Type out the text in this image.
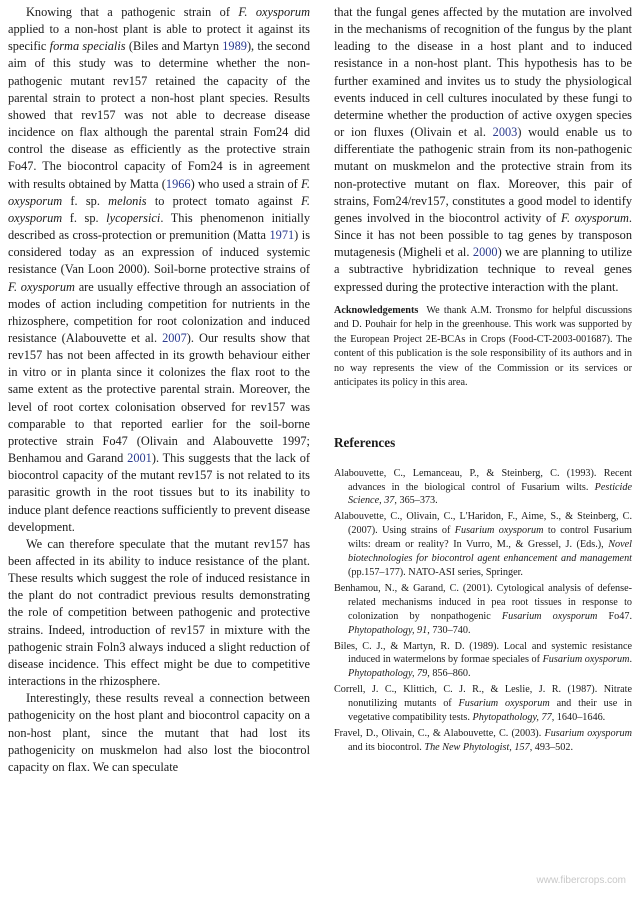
Knowing that a pathogenic strain of F. oxysporum applied to a non-host plant is able to protect it against its specific forma specialis (Biles and Martyn 1989), the second aim of this study was to determine whether the non-pathogenic mutant rev157 retained the capacity of the parental strain to protect a non-host plant species. Results showed that rev157 was not able to decrease disease incidence on flax although the parental strain Fom24 did control the disease as efficiently as the protective strain Fo47. The biocontrol capacity of Fom24 is in agreement with results obtained by Matta (1966) who used a strain of F. oxysporum f. sp. melonis to protect tomato against F. oxysporum f. sp. lycopersici. This phenomenon initially described as cross-protection or premunition (Matta 1971) is considered today as an expression of induced systemic resistance (Van Loon 2000). Soil-borne protective strains of F. oxysporum are usually effective through an association of modes of action including competition for nutrients in the rhizosphere, competition for root colonization and induced resistance (Alabouvette et al. 2007). Our results show that rev157 has not been affected in its growth behaviour either in vitro or in planta since it colonizes the flax root to the same extent as the protective parental strain. Moreover, the level of root cortex colonisation observed for rev157 was comparable to that reported earlier for the soil-borne protective strain Fo47 (Olivain and Alabouvette 1997; Benhamou and Garand 2001). This suggests that the lack of biocontrol capacity of the mutant rev157 is not related to its parasitic growth in the root tissues but to its inability to induce plant defence reactions sufficiently to prevent disease development.

We can therefore speculate that the mutant rev157 has been affected in its ability to induce resistance of the plant. These results which suggest the role of induced resistance in the plant do not contradict previous results demonstrating the role of competition between pathogenic and protective strains. Indeed, introduction of rev157 in mixture with the pathogenic strain Foln3 always induced a slight reduction of disease incidence. This effect might be due to competitive interactions in the rhizosphere.

Interestingly, these results reveal a connection between pathogenicity on the host plant and biocontrol capacity on a non-host plant, since the mutant that had lost its pathogenicity on muskmelon had also lost the biocontrol capacity on flax. We can speculate

that the fungal genes affected by the mutation are involved in the mechanisms of recognition of the fungus by the plant leading to the disease in a host plant and to induced resistance in a non-host plant. This hypothesis has to be further examined and invites us to study the physiological events induced in cell cultures inoculated by these fungi to determine whether the production of active oxygen species or ion fluxes (Olivain et al. 2003) would enable us to differentiate the pathogenic strain from its non-pathogenic mutant on muskmelon and the protective strain from its non-protective mutant on flax. Moreover, this pair of strains, Fom24/rev157, constitutes a good model to identify genes involved in the biocontrol activity of F. oxysporum. Since it has not been possible to tag genes by transposon mutagenesis (Migheli et al. 2000) we are planning to utilize a subtractive hybridization technique to reveal genes expressed during the protective interaction with the plant.

Acknowledgements We thank A.M. Tronsmo for helpful discussions and D. Pouhair for help in the greenhouse. This work was supported by the European Project 2E-BCAs in Crops (Food-CT-2003-001687). The content of this publication is the sole responsibility of its authors and in no way represents the view of the Commission or its services or anticipates its policy in this area.
References

Alabouvette, C., Lemanceau, P., & Steinberg, C. (1993). Recent advances in the biological control of Fusarium wilts. Pesticide Science, 37, 365–373.

Alabouvette, C., Olivain, C., L'Haridon, F., Aime, S., & Steinberg, C. (2007). Using strains of Fusarium oxysporum to control Fusarium wilts: dream or reality? In Vurro, M., & Gressel, J. (Eds.), Novel biotechnologies for biocontrol agent enhancement and management (pp.157–177). NATO-ASI series, Springer.

Benhamou, N., & Garand, C. (2001). Cytological analysis of defense-related mechanisms induced in pea root tissues in response to colonization by nonpathogenic Fusarium oxysporum Fo47. Phytopathology, 91, 730–740.

Biles, C. J., & Martyn, R. D. (1989). Local and systemic resistance induced in watermelons by formae speciales of Fusarium oxysporum. Phytopathology, 79, 856–860.

Correll, J. C., Klittich, C. J. R., & Leslie, J. R. (1987). Nitrate nonutilizing mutants of Fusarium oxysporum and their use in vegetative compatibility tests. Phytopathology, 77, 1640–1646.

Fravel, D., Olivain, C., & Alabouvette, C. (2003). Fusarium oxysporum and its biocontrol. The New Phytologist, 157, 493–502.

www.fibercrops.com
